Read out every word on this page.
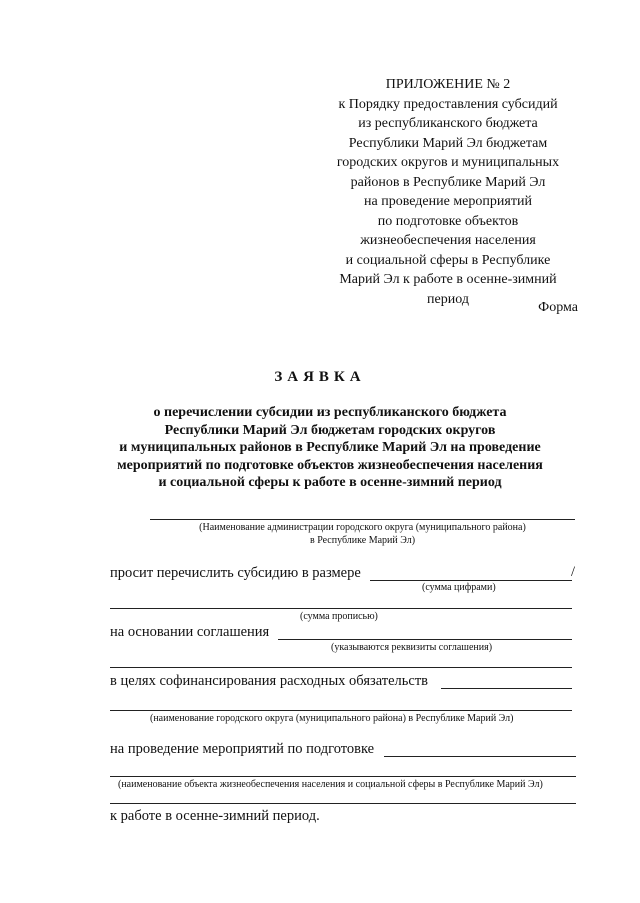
ПРИЛОЖЕНИЕ № 2
к Порядку предоставления субсидий
из республиканского бюджета
Республики Марий Эл бюджетам
городских округов и муниципальных
районов в Республике Марий Эл
на проведение мероприятий
по подготовке объектов
жизнеобеспечения населения
и социальной сферы в Республике
Марий Эл к работе в осенне-зимний
период
Форма
ЗАЯВКА
о перечислении субсидии из республиканского бюджета
Республики Марий Эл бюджетам городских округов
и муниципальных районов в Республике Марий Эл на проведение
мероприятий по подготовке объектов жизнеобеспечения населения
и социальной сферы к работе в осенне-зимний период
(Наименование администрации городского округа (муниципального района)
в Республике Марий Эл)
просит перечислить субсидию в размере	/
(сумма цифрами)
(сумма прописью)
на основании соглашения
(указываются реквизиты соглашения)
в целях софинансирования расходных обязательств
(наименование городского округа (муниципального района) в Республике Марий Эл)
на проведение мероприятий по подготовке
(наименование объекта жизнеобеспечения населения и социальной сферы в Республике Марий Эл)
к работе в осенне-зимний период.
